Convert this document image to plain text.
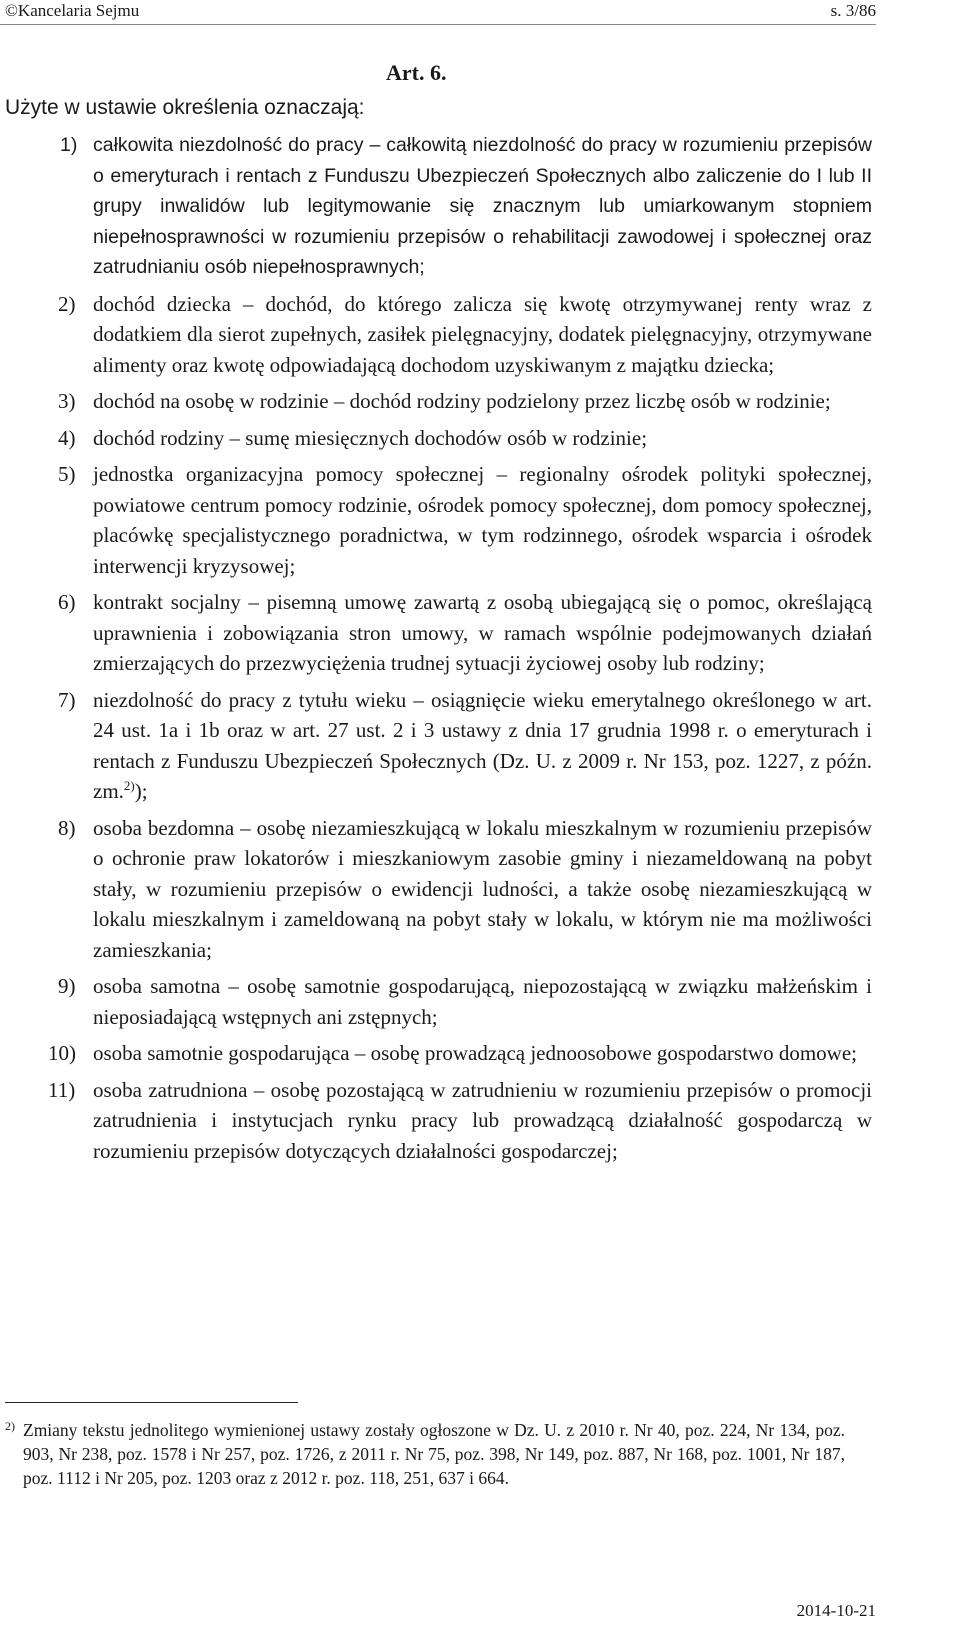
©Kancelaria Sejmu	s. 3/86
Art. 6.
Użyte w ustawie określenia oznaczają:
1) całkowita niezdolność do pracy – całkowitą niezdolność do pracy w rozumieniu przepisów o emeryturach i rentach z Funduszu Ubezpieczeń Społecznych albo zaliczenie do I lub II grupy inwalidów lub legitymowanie się znacznym lub umiarkowanym stopniem niepełnosprawności w rozumieniu przepisów o rehabilitacji zawodowej i społecznej oraz zatrudnianiu osób niepełnosprawnych;
2) dochód dziecka – dochód, do którego zalicza się kwotę otrzymywanej renty wraz z dodatkiem dla sierot zupełnych, zasiłek pielęgnacyjny, dodatek pielęgnacyjny, otrzymywane alimenty oraz kwotę odpowiadającą dochodom uzyskiwanym z majątku dziecka;
3) dochód na osobę w rodzinie – dochód rodziny podzielony przez liczbę osób w rodzinie;
4) dochód rodziny – sumę miesięcznych dochodów osób w rodzinie;
5) jednostka organizacyjna pomocy społecznej – regionalny ośrodek polityki społecznej, powiatowe centrum pomocy rodzinie, ośrodek pomocy społecznej, dom pomocy społecznej, placówkę specjalistycznego poradnictwa, w tym rodzinnego, ośrodek wsparcia i ośrodek interwencji kryzysowej;
6) kontrakt socjalny – pisemną umowę zawartą z osobą ubiegającą się o pomoc, określającą uprawnienia i zobowiązania stron umowy, w ramach wspólnie podejmowanych działań zmierzających do przezwyciężenia trudnej sytuacji życiowej osoby lub rodziny;
7) niezdolność do pracy z tytułu wieku – osiągnięcie wieku emerytalnego określonego w art. 24 ust. 1a i 1b oraz w art. 27 ust. 2 i 3 ustawy z dnia 17 grudnia 1998 r. o emeryturach i rentach z Funduszu Ubezpieczeń Społecznych (Dz. U. z 2009 r. Nr 153, poz. 1227, z późn. zm.$^{2)}$);
8) osoba bezdomna – osobę niezamieszkującą w lokalu mieszkalnym w rozumieniu przepisów o ochronie praw lokatorów i mieszkaniowym zasobie gminy i niezameldowaną na pobyt stały, w rozumieniu przepisów o ewidencji ludności, a także osobę niezamieszkującą w lokalu mieszkalnym i zameldowaną na pobyt stały w lokalu, w którym nie ma możliwości zamieszkania;
9) osoba samotna – osobę samotnie gospodarującą, niepozostającą w związku małżeńskim i nieposiadającą wstępnych ani zstępnych;
10) osoba samotnie gospodarująca – osobę prowadzącą jednoosobowe gospodarstwo domowe;
11) osoba zatrudniona – osobę pozostającą w zatrudnieniu w rozumieniu przepisów o promocji zatrudnienia i instytucjach rynku pracy lub prowadzącą działalność gospodarczą w rozumieniu przepisów dotyczących działalności gospodarczej;
2) Zmiany tekstu jednolitego wymienionej ustawy zostały ogłoszone w Dz. U. z 2010 r. Nr 40, poz. 224, Nr 134, poz. 903, Nr 238, poz. 1578 i Nr 257, poz. 1726, z 2011 r. Nr 75, poz. 398, Nr 149, poz. 887, Nr 168, poz. 1001, Nr 187, poz. 1112 i Nr 205, poz. 1203 oraz z 2012 r. poz. 118, 251, 637 i 664.
2014-10-21
